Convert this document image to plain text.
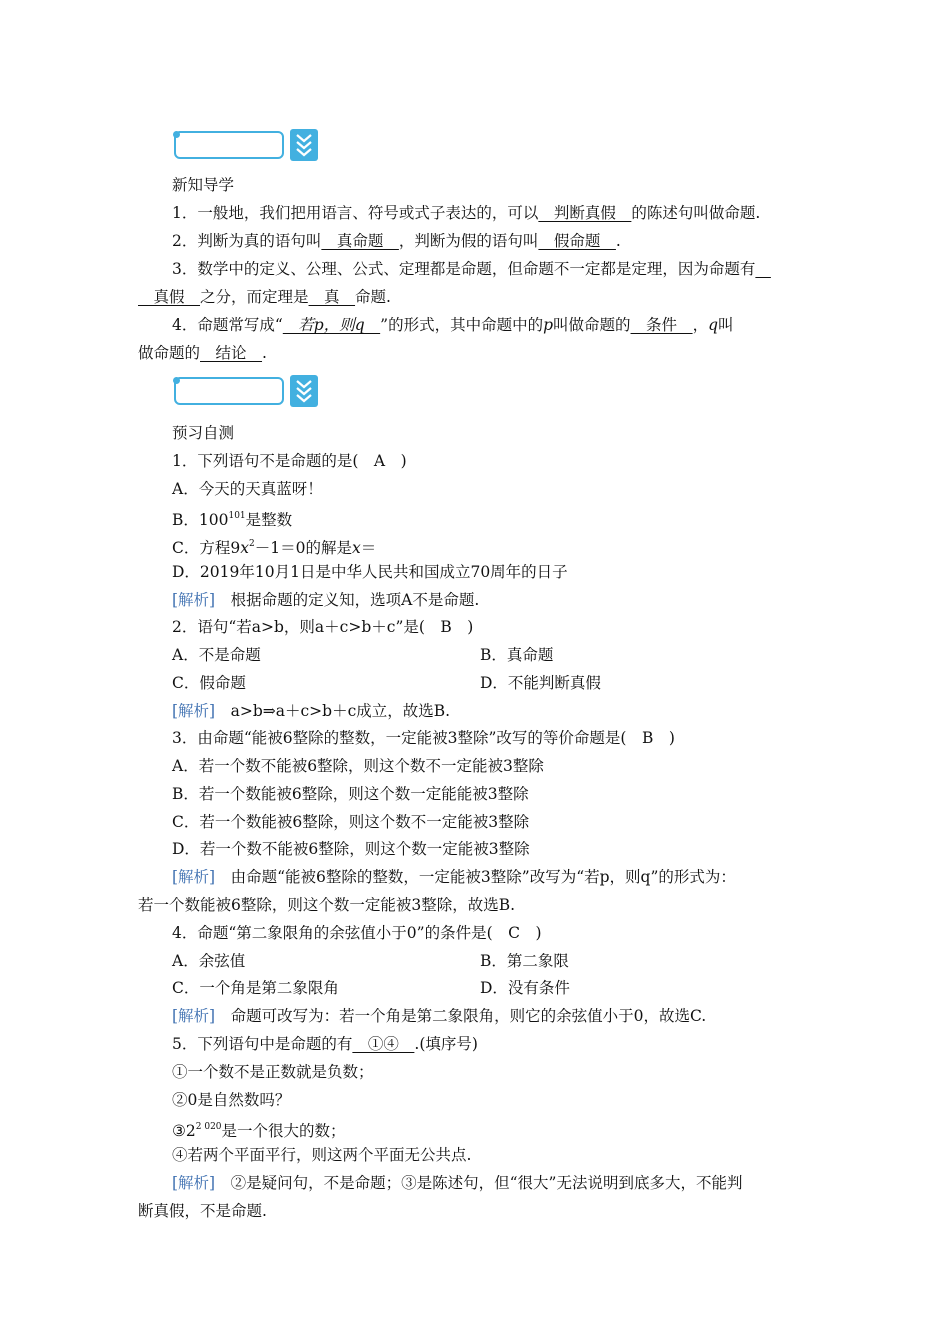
新知导学
1．一般地，我们把用语言、符号或式子表达的，可以　判断真假　的陈述句叫做命题.
2．判断为真的语句叫　真命题　，判断为假的语句叫　假命题　.
3．数学中的定义、公理、公式、定理都是命题，但命题不一定都是定理，因为命题有　
　真假　之分，而定理是　真　命题.
4．命题常写成“　若p，则q　”的形式，其中命题中的p叫做命题的　条件　，q叫
做命题的　结论　.
预习自测
1．下列语句不是命题的是(　A　)
A．今天的天真蓝呀！
B．$100^{101}$是整数
C．方程$9x^2-1=0$的解是x＝
D．2019年10月1日是中华人民共和国成立70周年的日子
[解析]　 根据命题的定义知，选项A不是命题.
2．语句“若a>b，则a＋c>b＋c”是(　B　)
A．不是命题	B．真命题
C．假命题	D．不能判断真假
[解析]　 a>b⇒a＋c>b＋c成立，故选B.
3．由命题“能被6整除的整数，一定能被3整除”改写的等价命题是(　B　)
A．若一个数不能被6整除，则这个数不一定能被3整除
B．若一个数能被6整除，则这个数一定能能被3整除
C．若一个数能被6整除，则这个数不一定能被3整除
D．若一个数不能被6整除，则这个数一定能被3整除
[解析]　 由命题“能被6整除的整数，一定能被3整除”改写为“若p，则q”的形式为：
若一个数能被6整除，则这个数一定能被3整除，故选B.
4．命题“第二象限角的余弦值小于0”的条件是(　C　)
A．余弦值	B．第二象限
C．一个角是第二象限角	D．没有条件
[解析]　 命题可改写为：若一个角是第二象限角，则它的余弦值小于0，故选C.
5．下列语句中是命题的有　①④　.(填序号)
①一个数不是正数就是负数；
②0是自然数吗？
$③2^{2 020}$是一个很大的数；
④若两个平面平行，则这两个平面无公共点.
[解析]　 ②是疑问句，不是命题；③是陈述句，但“很大”无法说明到底多大，不能判
断真假，不是命题.
